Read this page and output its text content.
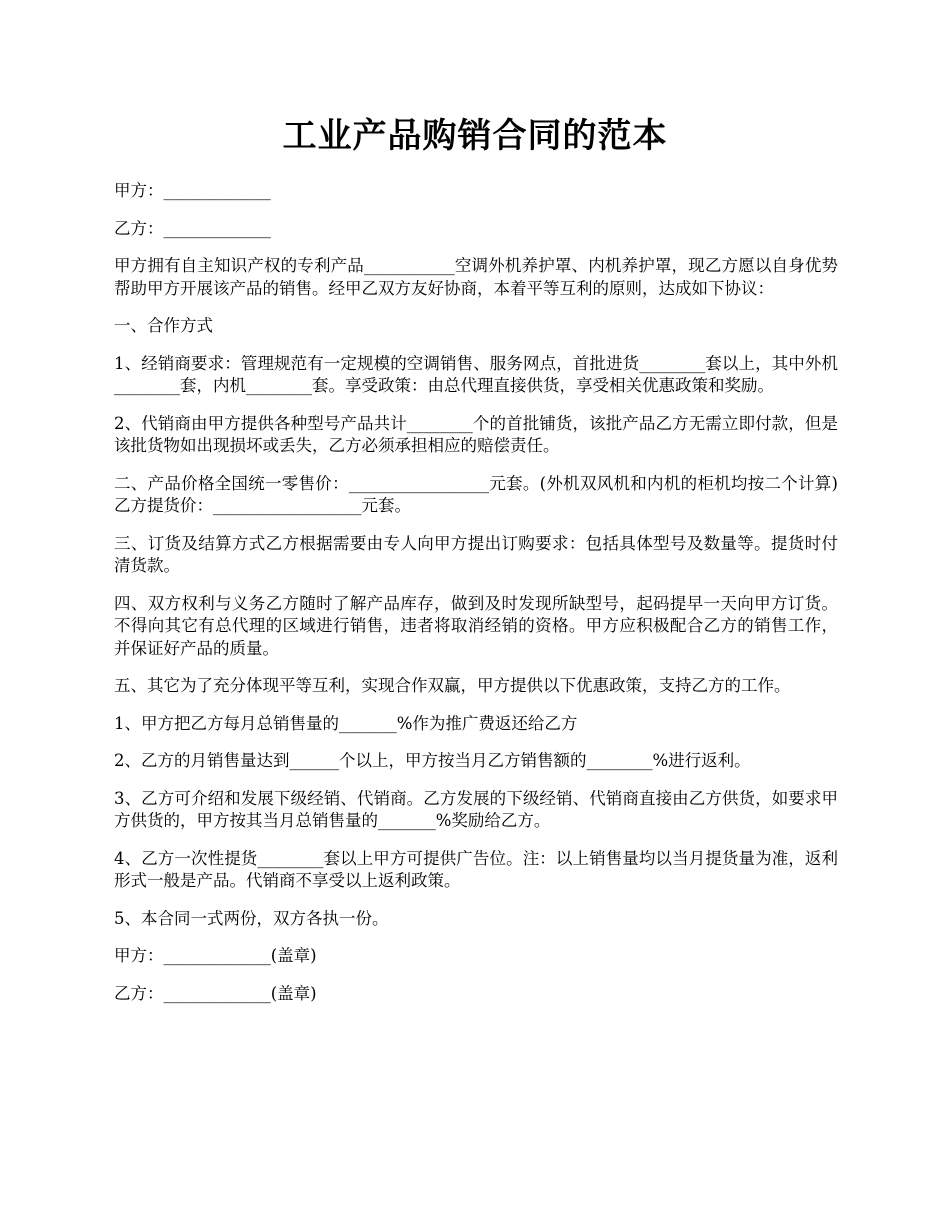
工业产品购销合同的范本

甲方：_____________

乙方：_____________

甲方拥有自主知识产权的专利产品___________空调外机养护罩、内机养护罩，现乙方愿以自身优势帮助甲方开展该产品的销售。经甲乙双方友好协商，本着平等互利的原则，达成如下协议：

一、合作方式

1、经销商要求：管理规范有一定规模的空调销售、服务网点，首批进货________套以上，其中外机________套，内机________套。享受政策：由总代理直接供货，享受相关优惠政策和奖励。

2、代销商由甲方提供各种型号产品共计________个的首批铺货，该批产品乙方无需立即付款，但是该批货物如出现损坏或丢失，乙方必须承担相应的赔偿责任。

二、产品价格全国统一零售价：_________________元套。(外机双风机和内机的柜机均按二个计算)乙方提货价：__________________元套。

三、订货及结算方式乙方根据需要由专人向甲方提出订购要求：包括具体型号及数量等。提货时付清货款。

四、双方权利与义务乙方随时了解产品库存，做到及时发现所缺型号，起码提早一天向甲方订货。不得向其它有总代理的区域进行销售，违者将取消经销的资格。甲方应积极配合乙方的销售工作，并保证好产品的质量。

五、其它为了充分体现平等互利，实现合作双赢，甲方提供以下优惠政策，支持乙方的工作。

1、甲方把乙方每月总销售量的_______%作为推广费返还给乙方

2、乙方的月销售量达到______个以上，甲方按当月乙方销售额的________%进行返利。

3、乙方可介绍和发展下级经销、代销商。乙方发展的下级经销、代销商直接由乙方供货，如要求甲方供货的，甲方按其当月总销售量的_______%奖励给乙方。

4、乙方一次性提货________套以上甲方可提供广告位。注：以上销售量均以当月提货量为准，返利形式一般是产品。代销商不享受以上返利政策。

5、本合同一式两份，双方各执一份。

甲方：_____________(盖章)

乙方：_____________(盖章)
